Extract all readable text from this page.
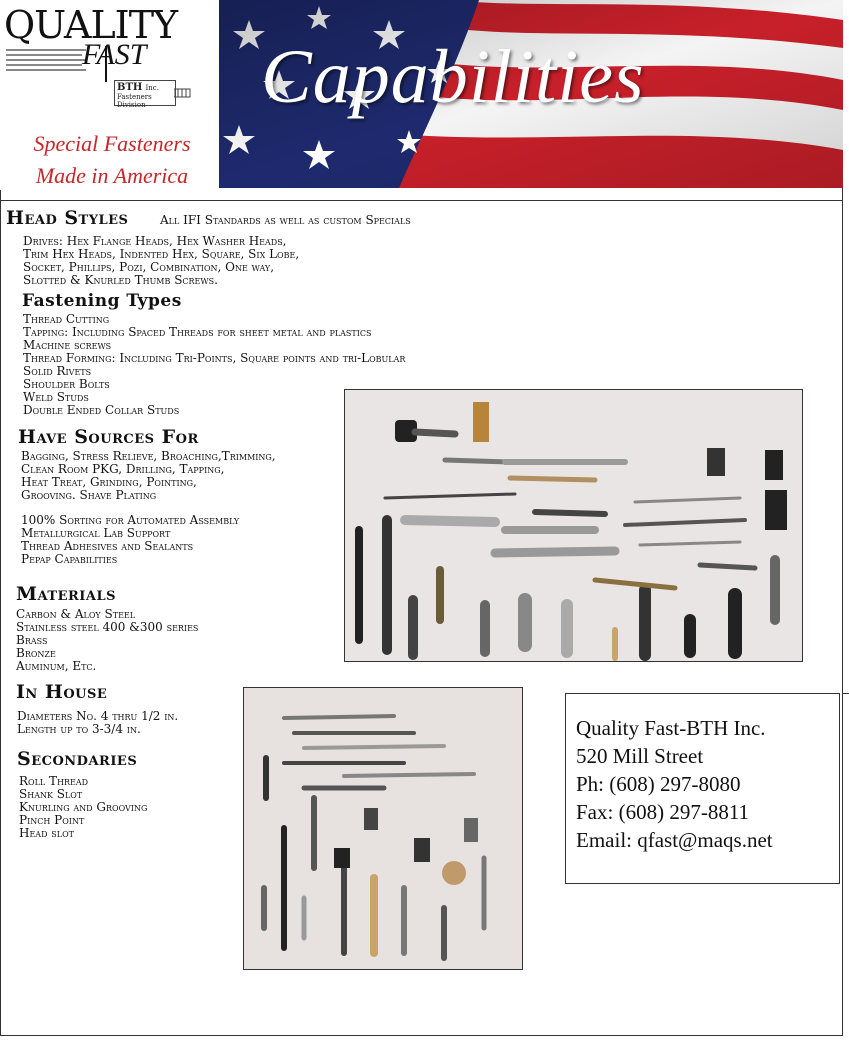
QUALITY
FAST
BTH Inc.
Fasteners
Division
Special Fasteners
Made in America
Capabilities
Head Styles	All IFI Standards as well as custom Specials
Drives: Hex Flange Heads, Hex Washer Heads,
Trim Hex Heads, Indented Hex, Square, Six Lobe,
Socket, Phillips, Pozi, Combination, One way,
Slotted & Knurled Thumb Screws.
Fastening Types
Thread Cutting
Tapping: Including Spaced Threads for sheet metal and plastics
Machine screws
Thread Forming: Including Tri-Points, Square points and tri-Lobular
Solid Rivets
Shoulder Bolts
Weld Studs
Double Ended Collar Studs
Have Sources For
Bagging, Stress Relieve, Broaching,Trimming,
Clean Room PKG, Drilling, Tapping,
Heat Treat, Grinding, Pointing,
Grooving. Shave Plating
100% Sorting for Automated Assembly
Metallurgical Lab Support
Thread Adhesives and Sealants
Pepap Capabilities
Materials
Carbon & Aloy Steel
Stainless steel 400 &300 series
Brass
Bronze
Auminum, Etc.
In House
Diameters No. 4 thru 1/2 in.
Length up to 3-3/4 in.
Secondaries
Roll Thread
Shank Slot
Knurling and Grooving
Pinch Point
Head slot
Quality Fast-BTH Inc.
520 Mill Street
Ph: (608) 297-8080
Fax: (608) 297-8811
Email: qfast@maqs.net
